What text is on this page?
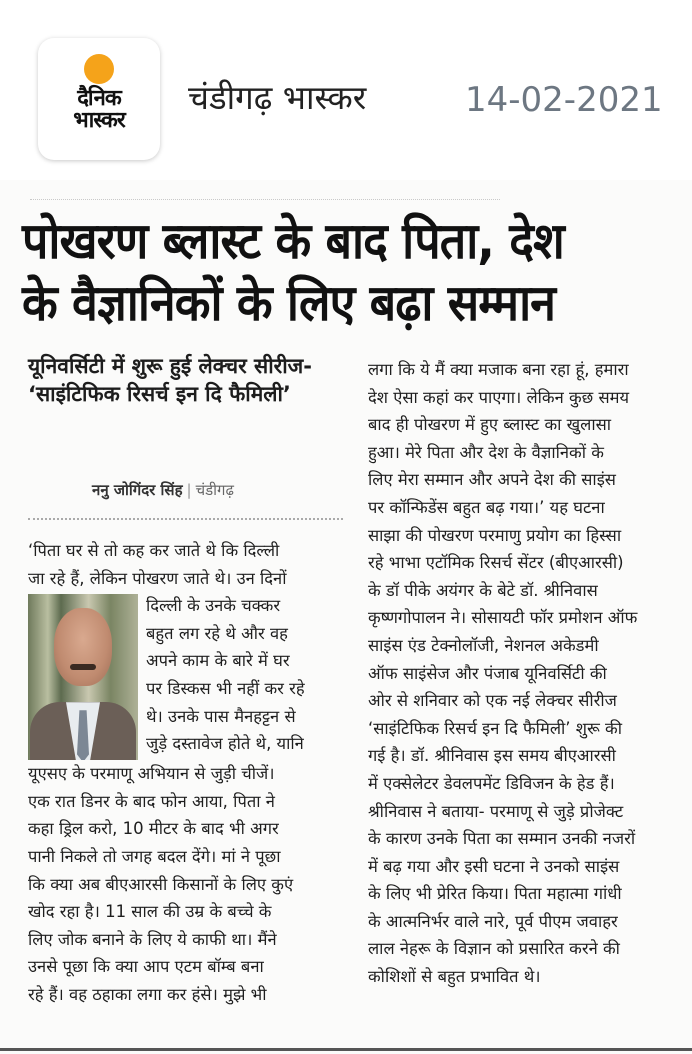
दैनिक
भास्कर
चंडीगढ़ भास्कर	14-02-2021
पोखरण ब्लास्ट के बाद पिता, देश
के वैज्ञानिकों के लिए बढ़ा सम्मान
यूनिवर्सिटी में शुरू हुई लेक्चर सीरीज- ‘साइंटिफिक रिसर्च इन दि फैमिली’
ननु जोगिंदर सिंह | चंडीगढ़
‘पिता घर से तो कह कर जाते थे कि दिल्ली
जा रहे हैं, लेकिन पोखरण जाते थे। उन दिनों
दिल्ली के उनके चक्कर
बहुत लग रहे थे और वह
अपने काम के बारे में घर
पर डिस्कस भी नहीं कर रहे
थे। उनके पास मैनहट्टन से
जुड़े दस्तावेज होते थे, यानि
यूएसए के परमाणू अभियान से जुड़ी चीजें।
एक रात डिनर के बाद फोन आया, पिता ने
कहा ड्रिल करो, 10 मीटर के बाद भी अगर
पानी निकले तो जगह बदल देंगे। मां ने पूछा
कि क्या अब बीएआरसी किसानों के लिए कुएं
खोद रहा है। 11 साल की उम्र के बच्चे के
लिए जोक बनाने के लिए ये काफी था। मैंने
उनसे पूछा कि क्या आप एटम बॉम्ब बना
रहे हैं। वह ठहाका लगा कर हंसे। मुझे भी
लगा कि ये मैं क्या मजाक बना रहा हूं, हमारा
देश ऐसा कहां कर पाएगा। लेकिन कुछ समय
बाद ही पोखरण में हुए ब्लास्ट का खुलासा
हुआ। मेरे पिता और देश के वैज्ञानिकों के
लिए मेरा सम्मान और अपने देश की साइंस
पर कॉन्फिडेंस बहुत बढ़ गया।’ यह घटना
साझा की पोखरण परमाणु प्रयोग का हिस्सा
रहे भाभा एटॉमिक रिसर्च सेंटर (बीएआरसी)
के डॉ पीके अयंगर के बेटे डॉ. श्रीनिवास
कृष्णगोपालन ने। सोसायटी फॉर प्रमोशन ऑफ
साइंस एंड टेक्नोलॉजी, नेशनल अकेडमी
ऑफ साइंसेज और पंजाब यूनिवर्सिटी की
ओर से शनिवार को एक नई लेक्चर सीरीज
‘साइंटिफिक रिसर्च इन दि फैमिली’ शुरू की
गई है। डॉ. श्रीनिवास इस समय बीएआरसी
में एक्सेलेटर डेवलपमेंट डिविजन के हेड हैं।
श्रीनिवास ने बताया- परमाणू से जुड़े प्रोजेक्ट
के कारण उनके पिता का सम्मान उनकी नजरों
में बढ़ गया और इसी घटना ने उनको साइंस
के लिए भी प्रेरित किया। पिता महात्मा गांधी
के आत्मनिर्भर वाले नारे, पूर्व पीएम जवाहर
लाल नेहरू के विज्ञान को प्रसारित करने की
कोशिशों से बहुत प्रभावित थे।
